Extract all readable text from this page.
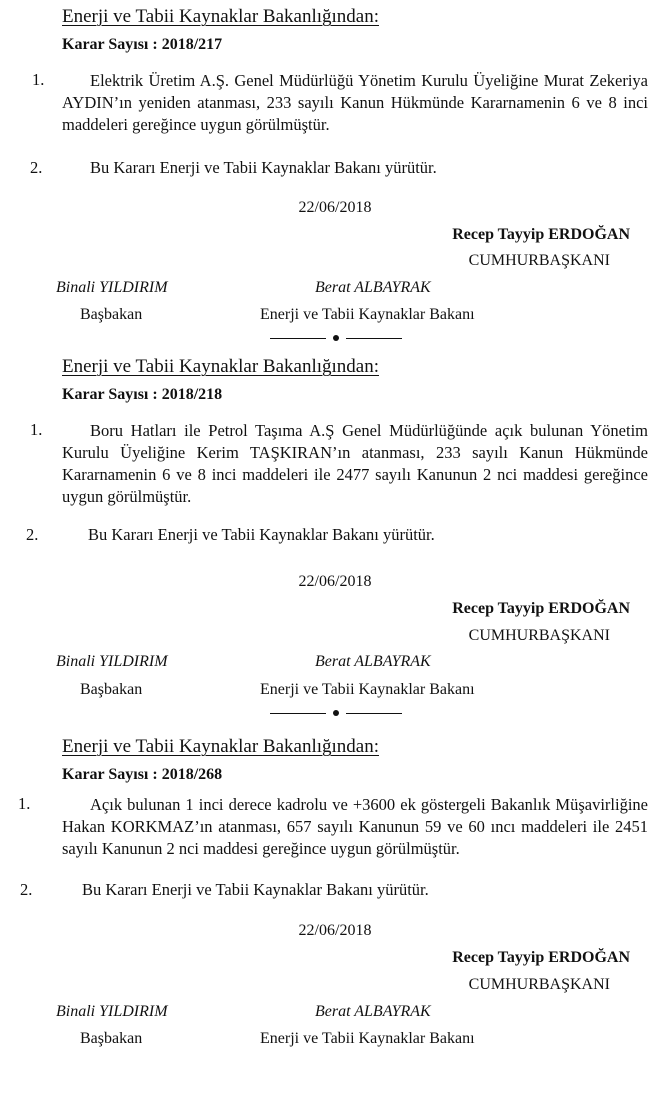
Enerji ve Tabii Kaynaklar Bakanlığından:
Karar Sayısı : 2018/217
1.	Elektrik Üretim A.Ş. Genel Müdürlüğü Yönetim Kurulu Üyeliğine Murat Zekeriya AYDIN’ın yeniden atanması, 233 sayılı Kanun Hükmünde Kararnamenin 6 ve 8 inci maddeleri gereğince uygun görülmüştür.
2.	Bu Kararı Enerji ve Tabii Kaynaklar Bakanı yürütür.
22/06/2018
Recep Tayyip ERDOĞAN
CUMHURBAŞKANI
Binali YILDIRIM	Berat ALBAYRAK
Başbakan	Enerji ve Tabii Kaynaklar Bakanı
Enerji ve Tabii Kaynaklar Bakanlığından:
Karar Sayısı : 2018/218
1.	Boru Hatları ile Petrol Taşıma A.Ş Genel Müdürlüğünde açık bulunan Yönetim Kurulu Üyeliğine Kerim TAŞKIRAN’ın atanması, 233 sayılı Kanun Hükmünde Kararnamenin 6 ve 8 inci maddeleri ile 2477 sayılı Kanunun 2 nci maddesi gereğince uygun görülmüştür.
2.	Bu Kararı Enerji ve Tabii Kaynaklar Bakanı yürütür.
22/06/2018
Recep Tayyip ERDOĞAN
CUMHURBAŞKANI
Binali YILDIRIM	Berat ALBAYRAK
Başbakan	Enerji ve Tabii Kaynaklar Bakanı
Enerji ve Tabii Kaynaklar Bakanlığından:
Karar Sayısı : 2018/268
1.	Açık bulunan 1 inci derece kadrolu ve +3600 ek göstergeli Bakanlık Müşavirliğine Hakan KORKMAZ’ın atanması, 657 sayılı Kanunun 59 ve 60 ıncı maddeleri ile 2451 sayılı Kanunun 2 nci maddesi gereğince uygun görülmüştür.
2.	Bu Kararı Enerji ve Tabii Kaynaklar Bakanı yürütür.
22/06/2018
Recep Tayyip ERDOĞAN
CUMHURBAŞKANI
Binali YILDIRIM	Berat ALBAYRAK
Başbakan	Enerji ve Tabii Kaynaklar Bakanı
